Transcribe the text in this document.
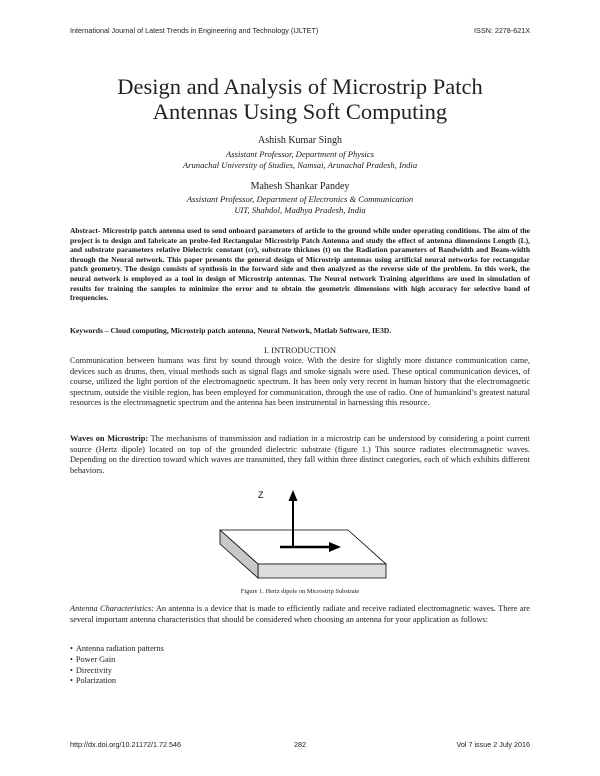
International Journal of Latest Trends in Engineering and Technology (IJLTET)	ISSN: 2278-621X
Design and Analysis of Microstrip Patch
Antennas Using Soft Computing
Ashish Kumar Singh
Assistant Professor, Department of Physics
Arunachal University of Studies, Namsai, Arunachal Pradesh, India
Mahesh Shankar Pandey
Assistant Professor, Department of Electronics & Communication
UIT, Shahdol, Madhya Pradesh, India

Abstract- Microstrip patch antenna used to send onboard parameters of article to the ground while under operating conditions. The aim of the project is to design and fabricate an probe-fed Rectangular Microstrip Patch Antenna and study the effect of antenna dimensions Length (L), and substrate parameters relative Dielectric constant (εr), substrate thicknes (t) on the Radiation parameters of Bandwidth and Beam-width through the Neural network. This paper presents the general design of Microstrip antennas using artificial neural networks for rectangular patch geometry. The design consists of synthesis in the forward side and then analyzed as the reverse side of the problem. In this work, the neural network is employed as a tool in design of Microstrip antennas. The Neural network Training algorithms are used in simulation of results for training the samples to minimize the error and to obtain the geometric dimensions with high accuracy for selective band of frequencies.

Keywords – Cloud computing, Microstrip patch antenna, Neural Network, Matlab Software, IE3D.

I. INTRODUCTION

Communication between humans was first by sound through voice. With the desire for slightly more distance communication came, devices such as drums, then, visual methods such as signal flags and smoke signals were used. These optical communication devices, of course, utilized the light portion of the electromagnetic spectrum. It has been only very recent in human history that the electromagnetic spectrum, outside the visible region, has been employed for communication, through the use of radio. One of humankind’s greatest natural resources is the electromagnetic spectrum and the antenna has been instrumental in harnessing this resource.

Waves on Microstrip: The mechanisms of transmission and radiation in a microstrip can be understood by considering a point current source (Hertz dipole) located on top of the grounded dielectric substrate (figure 1.) This source radiates electromagnetic waves. Depending on the direction toward which waves are transmitted, they fall within three distinct categories, each of which exhibits different behaviors.

Z

Figure 1. Hertz dipole on Microstrip Substrate

Antenna Characteristics: An antenna is a device that is made to efficiently radiate and receive radiated electromagnetic waves. There are several important antenna characteristics that should be considered when choosing an antenna for your application as follows:

• Antenna radiation patterns
• Power Gain
• Directivity
• Polarization
http://dx.doi.org/10.21172/1.72.546	282	Vol 7 issue 2 July 2016
